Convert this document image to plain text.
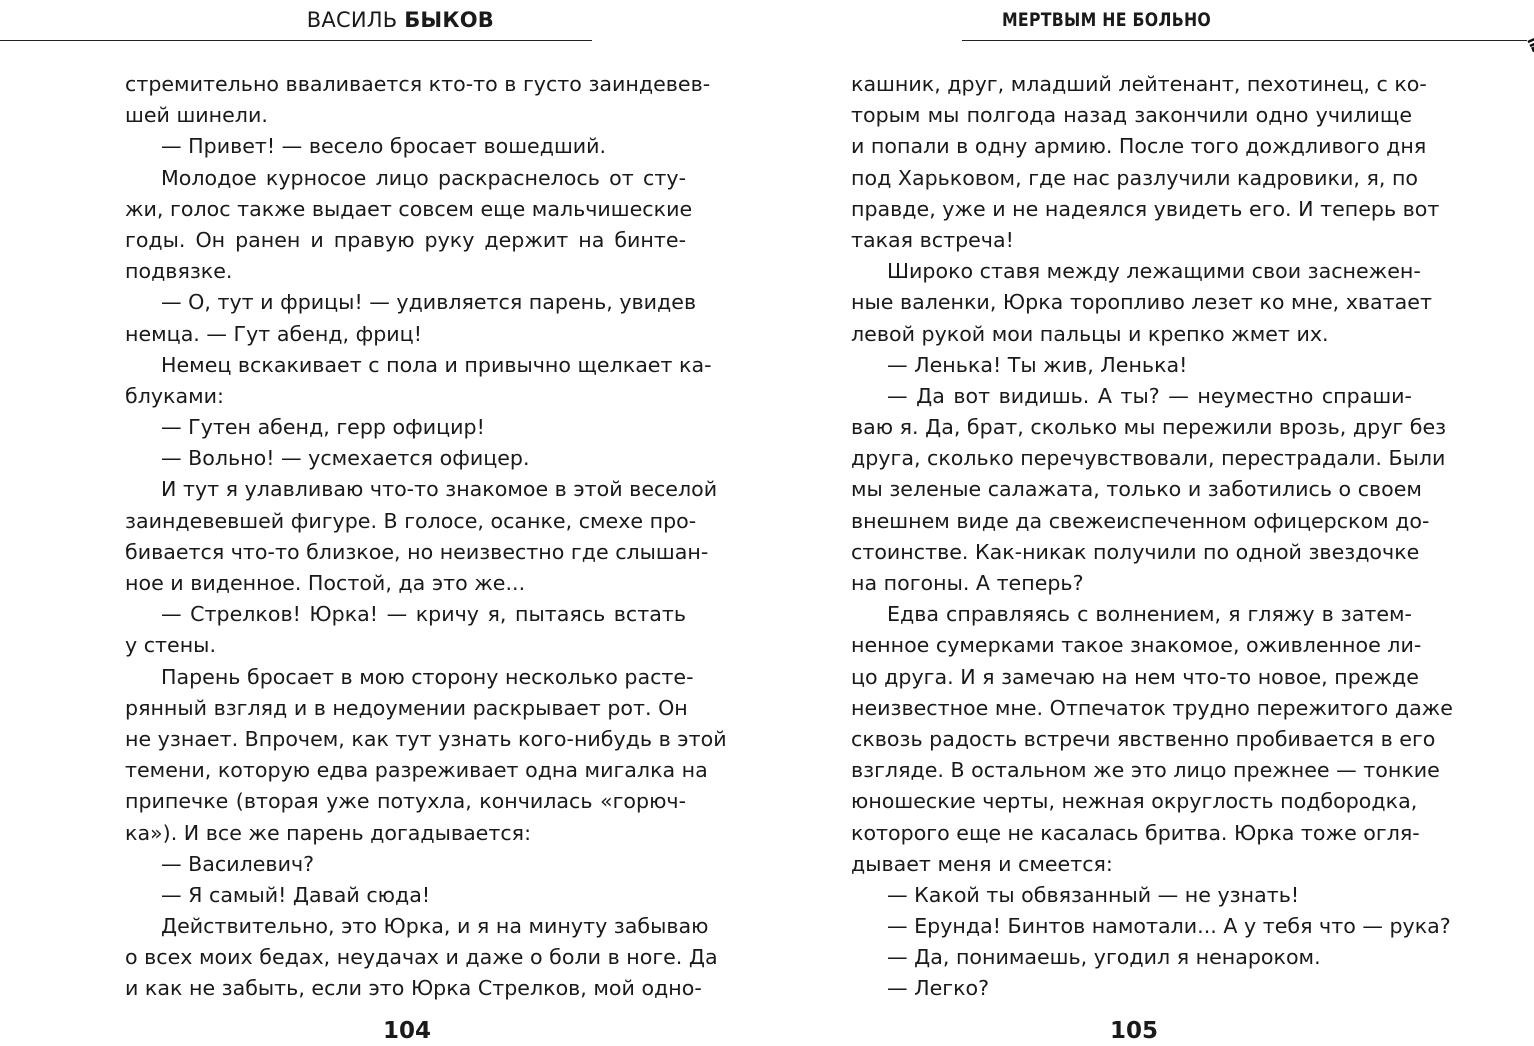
ВАСИЛЬ БЫКОВ
стремительно вваливается кто-то в густо заиндевев-
шей шинели.
— Привет! — весело бросает вошедший.
Молодое курносое лицо раскраснелось от сту-
жи, голос также выдает совсем еще мальчишеские
годы. Он ранен и правую руку держит на бинте-
подвязке.
— О, тут и фрицы! — удивляется парень, увидев
немца. — Гут абенд, фриц!
Немец вскакивает с пола и привычно щелкает ка-
блуками:
— Гутен абенд, герр официр!
— Вольно! — усмехается офицер.
И тут я улавливаю что-то знакомое в этой веселой
заиндевевшей фигуре. В голосе, осанке, смехе про-
бивается что-то близкое, но неизвестно где слышан-
ное и виденное. Постой, да это же...
— Стрелков! Юрка! — кричу я, пытаясь встать
у стены.
Парень бросает в мою сторону несколько расте-
рянный взгляд и в недоумении раскрывает рот. Он
не узнает. Впрочем, как тут узнать кого-нибудь в этой
темени, которую едва разреживает одна мигалка на
припечке (вторая уже потухла, кончилась «горюч-
ка»). И все же парень догадывается:
— Василевич?
— Я самый! Давай сюда!
Действительно, это Юрка, и я на минуту забываю
о всех моих бедах, неудачах и даже о боли в ноге. Да
и как не забыть, если это Юрка Стрелков, мой одно-
104
МЕРТВЫМ НЕ БОЛЬНО
кашник, друг, младший лейтенант, пехотинец, с ко-
торым мы полгода назад закончили одно училище
и попали в одну армию. После того дождливого дня
под Харьковом, где нас разлучили кадровики, я, по
правде, уже и не надеялся увидеть его. И теперь вот
такая встреча!
Широко ставя между лежащими свои заснежен-
ные валенки, Юрка торопливо лезет ко мне, хватает
левой рукой мои пальцы и крепко жмет их.
— Ленька! Ты жив, Ленька!
— Да вот видишь. А ты? — неуместно спраши-
ваю я. Да, брат, сколько мы пережили врозь, друг без
друга, сколько перечувствовали, перестрадали. Были
мы зеленые салажата, только и заботились о своем
внешнем виде да свежеиспеченном офицерском до-
стоинстве. Как-никак получили по одной звездочке
на погоны. А теперь?
Едва справляясь с волнением, я гляжу в затем-
ненное сумерками такое знакомое, оживленное ли-
цо друга. И я замечаю на нем что-то новое, прежде
неизвестное мне. Отпечаток трудно пережитого даже
сквозь радость встречи явственно пробивается в его
взгляде. В остальном же это лицо прежнее — тонкие
юношеские черты, нежная округлость подбородка,
которого еще не касалась бритва. Юрка тоже огля-
дывает меня и смеется:
— Какой ты обвязанный — не узнать!
— Ерунда! Бинтов намотали... А у тебя что — рука?
— Да, понимаешь, угодил я ненароком.
— Легко?
105
